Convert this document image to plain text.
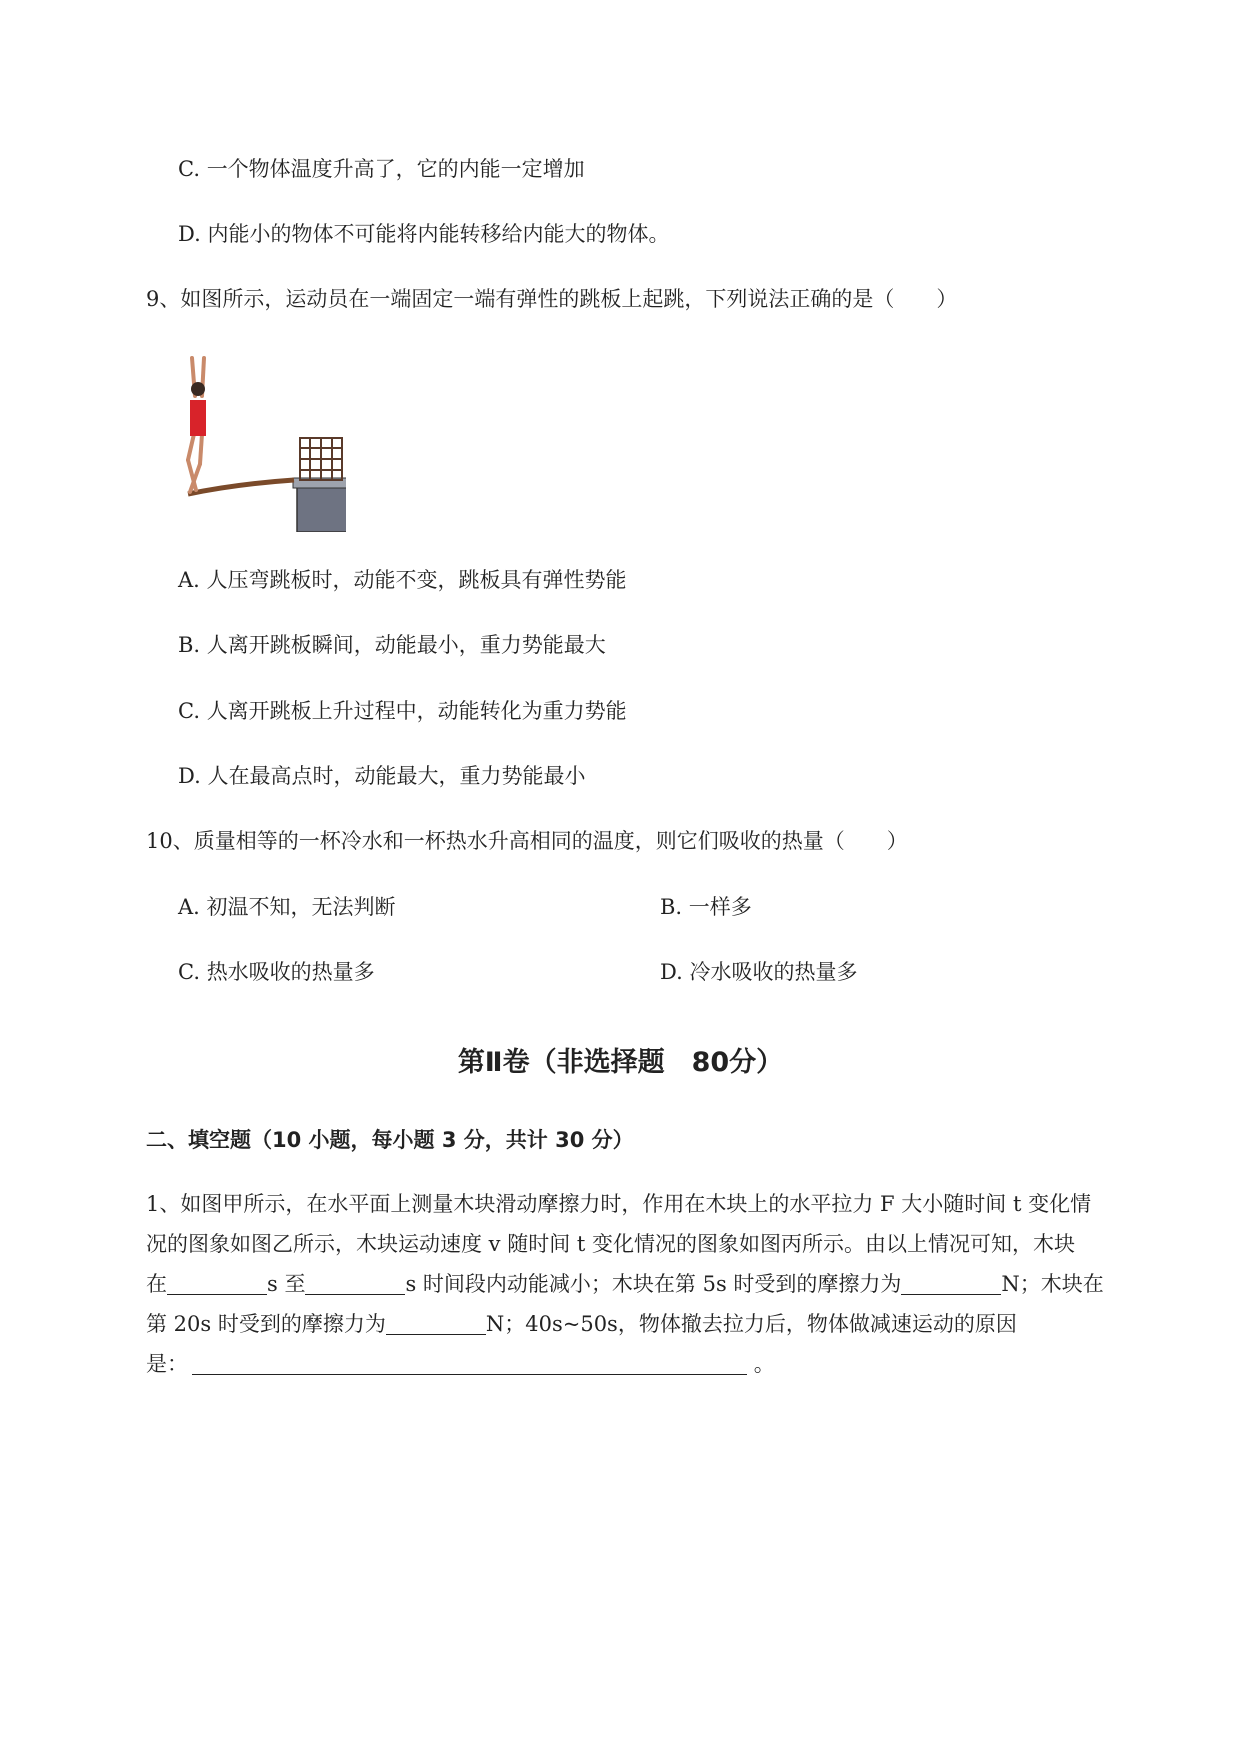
C. 一个物体温度升高了，它的内能一定增加
D. 内能小的物体不可能将内能转移给内能大的物体。
9、如图所示，运动员在一端固定一端有弹性的跳板上起跳，下列说法正确的是（　　）
A. 人压弯跳板时，动能不变，跳板具有弹性势能
B. 人离开跳板瞬间，动能最小，重力势能最大
C. 人离开跳板上升过程中，动能转化为重力势能
D. 人在最高点时，动能最大，重力势能最小
10、质量相等的一杯冷水和一杯热水升高相同的温度，则它们吸收的热量（　　）
A. 初温不知，无法判断	B. 一样多
C. 热水吸收的热量多	D. 冷水吸收的热量多
第Ⅱ卷（非选择题　80分）
二、填空题（10 小题，每小题 3 分，共计 30 分）
1、如图甲所示，在水平面上测量木块滑动摩擦力时，作用在木块上的水平拉力 F 大小随时间 t 变化情
况的图象如图乙所示，木块运动速度 v 随时间 t 变化情况的图象如图丙所示。由以上情况可知，木块
在	s 至	s 时间段内动能减小；木块在第 5s 时受到的摩擦力为	N；木块在
第 20s 时受到的摩擦力为	N；40s~50s，物体撤去拉力后，物体做减速运动的原因
是：	。
